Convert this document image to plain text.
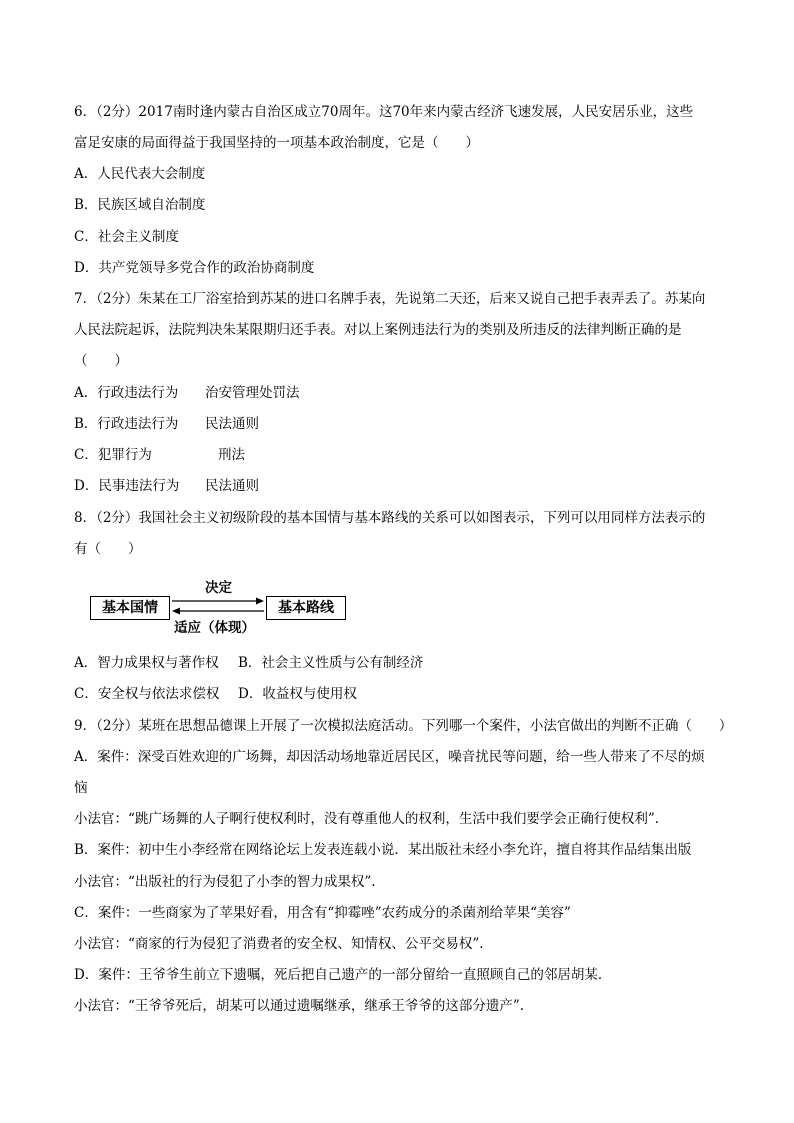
6．（2分）2017南时逢内蒙古自治区成立70周年。这70年来内蒙古经济飞速发展，人民安居乐业，这些
富足安康的局面得益于我国坚持的一项基本政治制度，它是（　　）
A．人民代表大会制度
B．民族区域自治制度
C．社会主义制度
D．共产党领导多党合作的政治协商制度
7．（2分）朱某在工厂浴室拾到苏某的进口名牌手表，先说第二天还，后来又说自己把手表弄丢了。苏某向
人民法院起诉，法院判决朱某限期归还手表。对以上案例违法行为的类别及所违反的法律判断正确的是
（　　）
A．行政违法行为 治安管理处罚法
B．行政违法行为 民法通则
C．犯罪行为	刑法
D．民事违法行为 民法通则
8．（2分）我国社会主义初级阶段的基本国情与基本路线的关系可以如图表示，下列可以用同样方法表示的
有（　　）
基本国情	基本路线
决定
适应（体现）
A．智力成果权与著作权 B．社会主义性质与公有制经济
C．安全权与依法求偿权 D．收益权与使用权
9．（2分）某班在思想品德课上开展了一次模拟法庭活动。下列哪一个案件，小法官做出的判断不正确（　　）
A．案件：深受百姓欢迎的广场舞，却因活动场地靠近居民区，噪音扰民等问题，给一些人带来了不尽的烦
恼
小法官：“跳广场舞的人子啊行使权利时，没有尊重他人的权利，生活中我们要学会正确行使权利”.
B．案件：初中生小李经常在网络论坛上发表连载小说．某出版社未经小李允许，擅自将其作品结集出版
小法官：“出版社的行为侵犯了小李的智力成果权”.
C．案件：一些商家为了苹果好看，用含有“抑霉唑”农药成分的杀菌剂给苹果“美容”
小法官：“商家的行为侵犯了消费者的安全权、知情权、公平交易权”.
D．案件：王爷爷生前立下遗嘱，死后把自己遗产的一部分留给一直照顾自己的邻居胡某．
小法官：“王爷爷死后，胡某可以通过遗嘱继承，继承王爷爷的这部分遗产”.
